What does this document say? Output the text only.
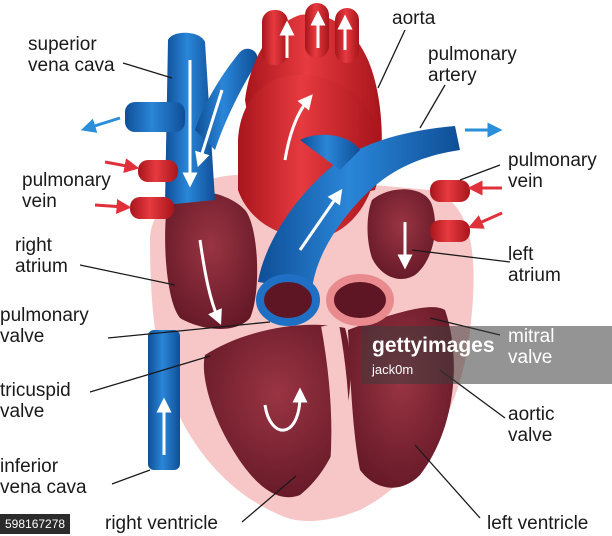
aorta
superior
vena cava
pulmonary
artery
pulmonary
vein
pulmonary
vein
right
atrium
left
atrium
pulmonary
valve
tricuspid
valve	aortic
valve
inferior
vena cava
right ventricle	left ventricle
gettyimages
jack0m
mitral
valve
598167278
